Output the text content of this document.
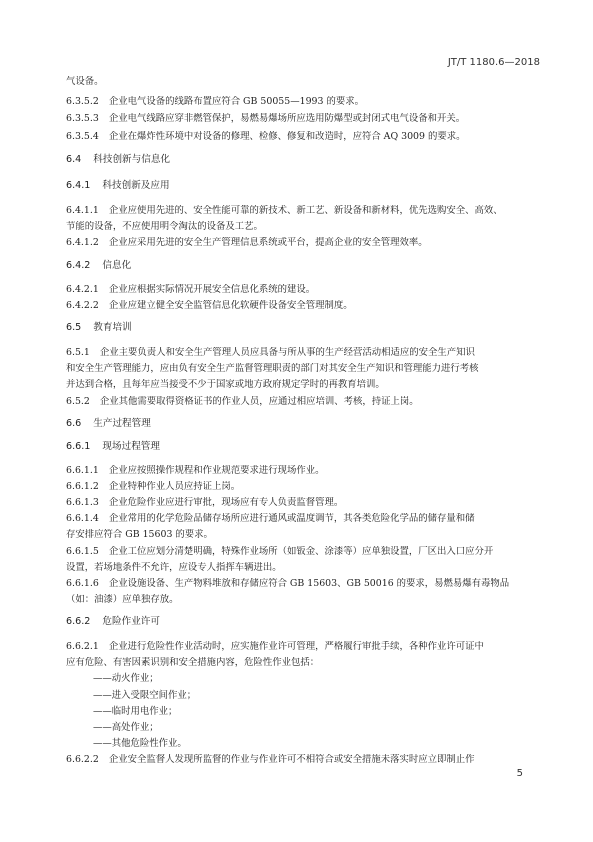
JT/T 1180.6—2018
气设备。
6.3.5.2 企业电气设备的线路布置应符合 GB 50055—1993 的要求。
6.3.5.3 企业电气线路应穿非燃管保护，易燃易爆场所应选用防爆型或封闭式电气设备和开关。
6.3.5.4 企业在爆炸性环境中对设备的修理、检修、修复和改造时，应符合 AQ 3009 的要求。
6.4 科技创新与信息化
6.4.1 科技创新及应用
6.4.1.1 企业应使用先进的、安全性能可靠的新技术、新工艺、新设备和新材料，优先选购安全、高效、
节能的设备，不应使用明令淘汰的设备及工艺。
6.4.1.2 企业应采用先进的安全生产管理信息系统或平台，提高企业的安全管理效率。
6.4.2 信息化
6.4.2.1 企业应根据实际情况开展安全信息化系统的建设。
6.4.2.2 企业应建立健全安全监管信息化软硬件设备安全管理制度。
6.5 教育培训
6.5.1 企业主要负责人和安全生产管理人员应具备与所从事的生产经营活动相适应的安全生产知识
和安全生产管理能力，应由负有安全生产监督管理职责的部门对其安全生产知识和管理能力进行考核
并达到合格，且每年应当接受不少于国家或地方政府规定学时的再教育培训。
6.5.2 企业其他需要取得资格证书的作业人员，应通过相应培训、考核，持证上岗。
6.6 生产过程管理
6.6.1 现场过程管理
6.6.1.1 企业应按照操作规程和作业规范要求进行现场作业。
6.6.1.2 企业特种作业人员应持证上岗。
6.6.1.3 企业危险作业应进行审批，现场应有专人负责监督管理。
6.6.1.4 企业常用的化学危险品储存场所应进行通风或温度调节，其各类危险化学品的储存量和储
存安排应符合 GB 15603 的要求。
6.6.1.5 企业工位应划分清楚明确，特殊作业场所（如钣金、涂漆等）应单独设置，厂区出入口应分开
设置，若场地条件不允许，应设专人指挥车辆进出。
6.6.1.6 企业设施设备、生产物料堆放和存储应符合 GB 15603、GB 50016 的要求，易燃易爆有毒物品
（如：油漆）应单独存放。
6.6.2 危险作业许可
6.6.2.1 企业进行危险性作业活动时，应实施作业许可管理，严格履行审批手续，各种作业许可证中
应有危险、有害因素识别和安全措施内容，危险性作业包括：
——动火作业；
——进入受限空间作业；
——临时用电作业；
——高处作业；
——其他危险性作业。
6.6.2.2 企业安全监督人发现所监督的作业与作业许可不相符合或安全措施未落实时应立即制止作
5
